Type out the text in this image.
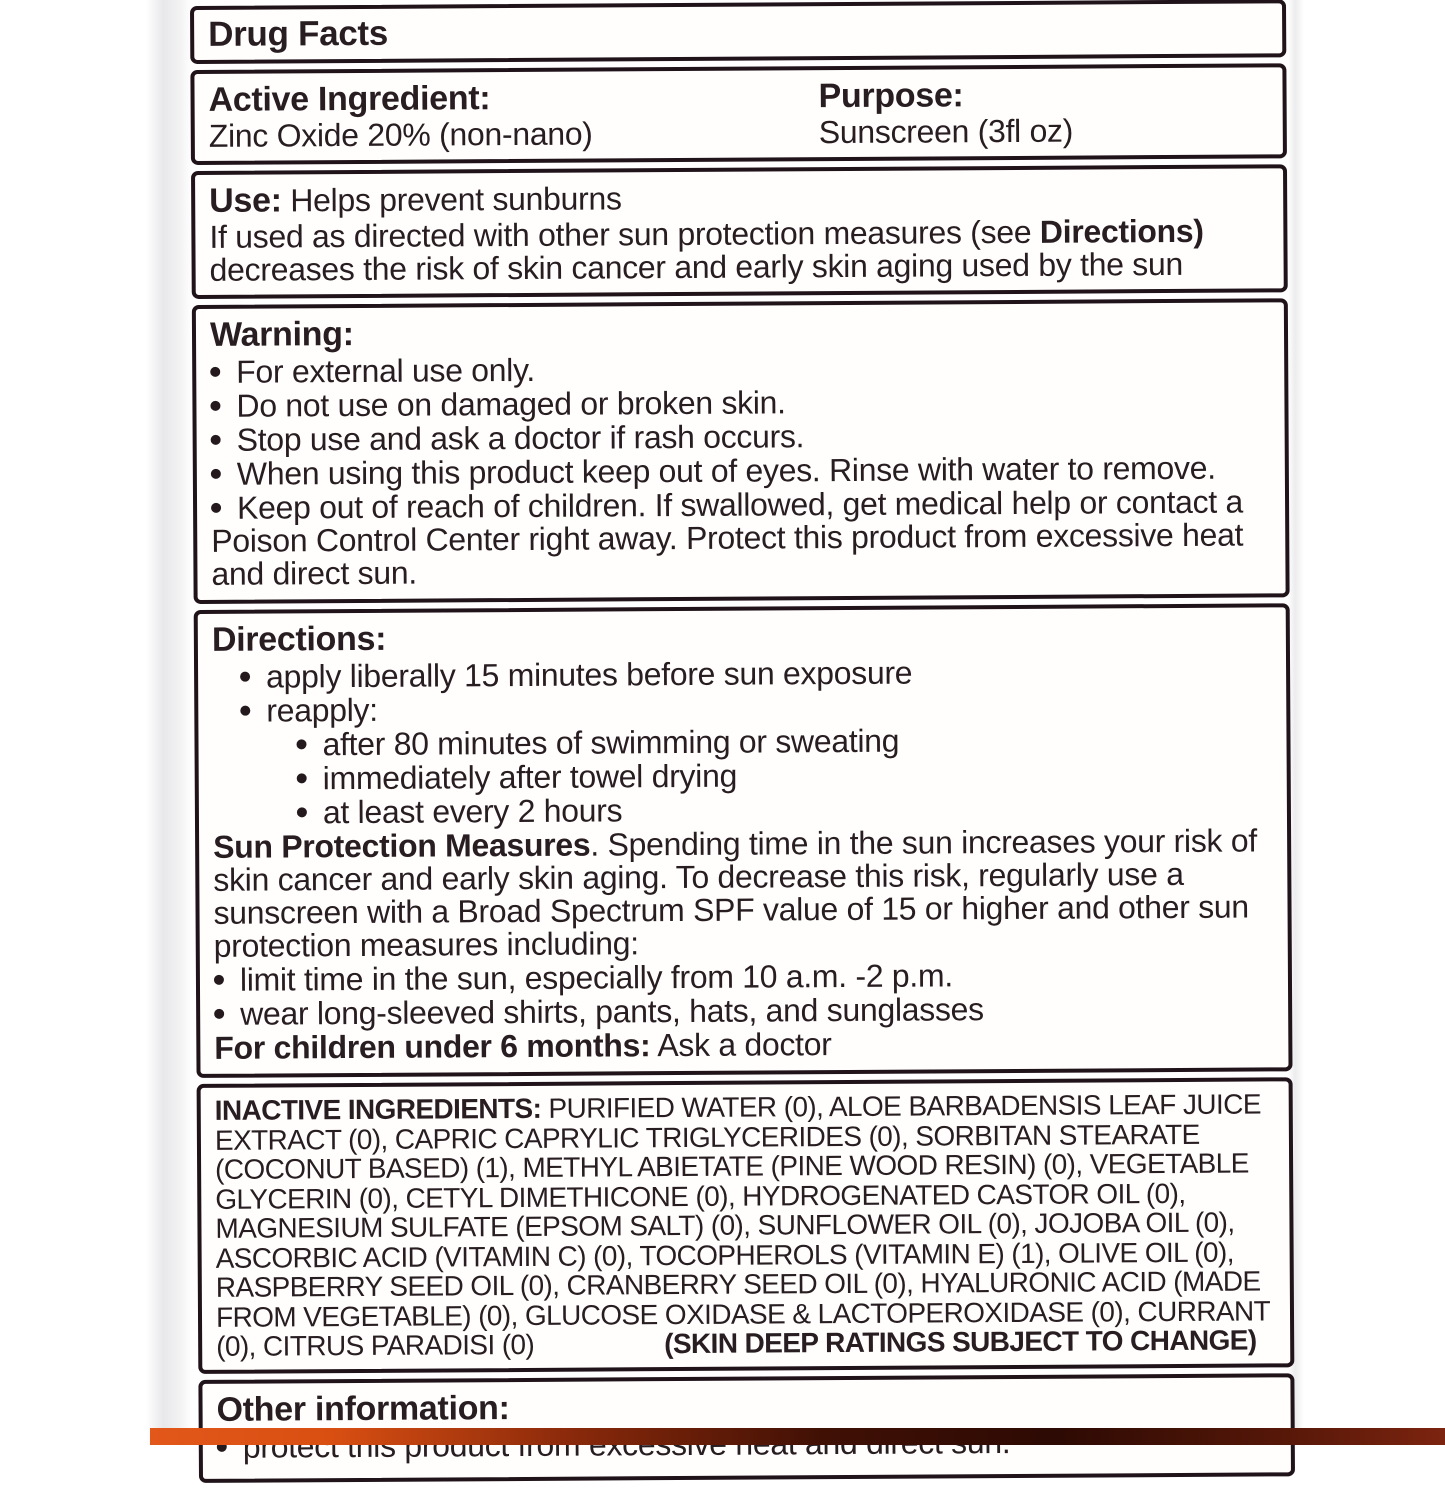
Drug Facts
Active Ingredient:
Zinc Oxide 20% (non-nano)
Purpose:
Sunscreen (3fl oz)
Use: Helps prevent sunburns
If used as directed with other sun protection measures (see Directions)
decreases the risk of skin cancer and early skin aging used by the sun
Warning:

For external use only.

Do not use on damaged or broken skin.

Stop use and ask a doctor if rash occurs.

When using this product keep out of eyes. Rinse with water to remove.

Keep out of reach of children. If swallowed, get medical help or contact a Poison Control Center right away. Protect this product from excessive heat and direct sun.

Directions:

apply liberally 15 minutes before sun exposure

reapply:

after 80 minutes of swimming or sweating

immediately after towel drying

at least every 2 hours

Sun Protection Measures. Spending time in the sun increases your risk of skin cancer and early skin aging. To decrease this risk, regularly use a sunscreen with a Broad Spectrum SPF value of 15 or higher and other sun protection measures including:

limit time in the sun, especially from 10 a.m. -2 p.m.

wear long-sleeved shirts, pants, hats, and sunglasses

For children under 6 months: Ask a doctor

INACTIVE INGREDIENTS: PURIFIED WATER (0), ALOE BARBADENSIS LEAF JUICE EXTRACT (0), CAPRIC CAPRYLIC TRIGLYCERIDES (0), SORBITAN STEARATE (COCONUT BASED) (1), METHYL ABIETATE (PINE WOOD RESIN) (0), VEGETABLE GLYCERIN (0), CETYL DIMETHICONE (0), HYDROGENATED CASTOR OIL (0), MAGNESIUM SULFATE (EPSOM SALT) (0), SUNFLOWER OIL (0), JOJOBA OIL (0), ASCORBIC ACID (VITAMIN C) (0), TOCOPHEROLS (VITAMIN E) (1), OLIVE OIL (0), RASPBERRY SEED OIL (0), CRANBERRY SEED OIL (0), HYALURONIC ACID (MADE FROM VEGETABLE) (0), GLUCOSE OXIDASE & LACTOPEROXIDASE (0), CURRANT (0), CITRUS PARADISI (0)	(SKIN DEEP RATINGS SUBJECT TO CHANGE)
Other information:
